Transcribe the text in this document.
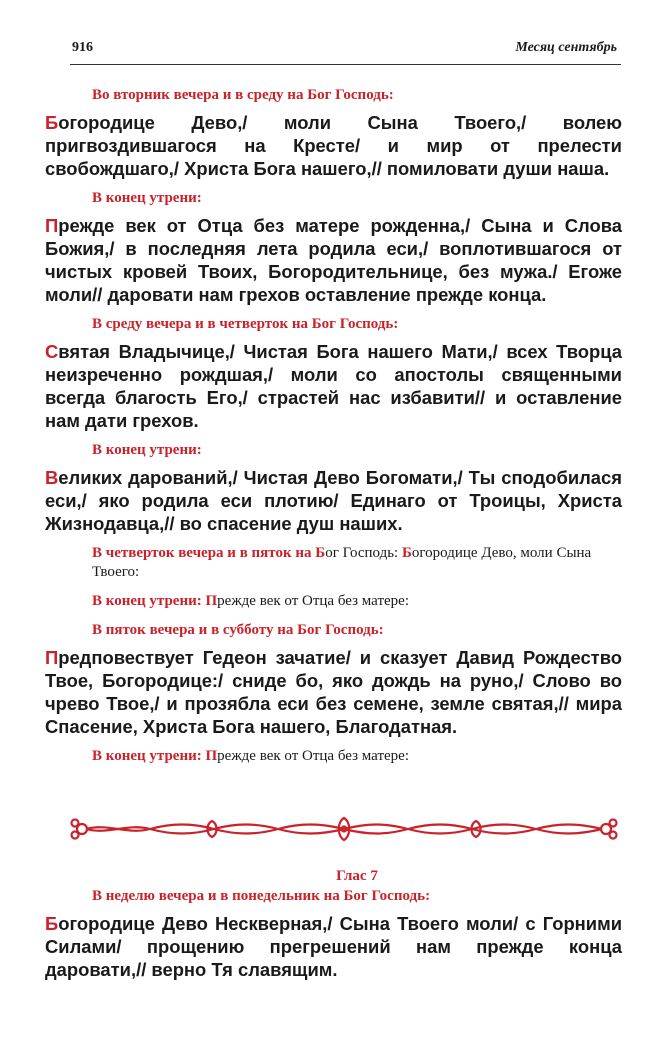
916	Месяц сентябрь

Во вторник вечера и в среду на Бог Господь:

Богородице Дево,/ моли Сына Твоего,/ волею пригвоздившагося на Кресте/ и мир от прелести свобождшаго,/ Христа Бога нашего,// помиловати души наша.

В конец утрени:

Прежде век от Отца без матере рожденна,/ Сына и Слова Божия,/ в последняя лета родила еси,/ воплотившагося от чистых кровей Твоих, Богородительнице, без мужа./ Егоже моли// даровати нам грехов оставление прежде конца.

В среду вечера и в четверток на Бог Господь:

Святая Владычице,/ Чистая Бога нашего Мати,/ всех Творца неизреченно рождшая,/ моли со апостолы священными всегда благость Его,/ страстей нас избавити// и оставление нам дати грехов.

В конец утрени:

Великих дарований,/ Чистая Дево Богомати,/ Ты сподобилася еси,/ яко родила еси плотию/ Единаго от Троицы, Христа Жизнодавца,// во спасение душ наших.

В четверток вечера и в пяток на Бог Господь: Богородице Дево, моли Сына Твоего:

В конец утрени: Прежде век от Отца без матере:

В пяток вечера и в субботу на Бог Господь:

Предповествует Гедеон зачатие/ и сказует Давид Рождество Твое, Богородице:/ сниде бо, яко дождь на руно,/ Слово во чрево Твое,/ и прозябла еси без семене, земле святая,// мира Спасение, Христа Бога нашего, Благодатная.

В конец утрени: Прежде век от Отца без матере:

Глас 7

В неделю вечера и в понедельник на Бог Господь:

Богородице Дево Нескверная,/ Сына Твоего моли/ с Горними Силами/ прощению прегрешений нам прежде конца даровати,// верно Тя славящим.
